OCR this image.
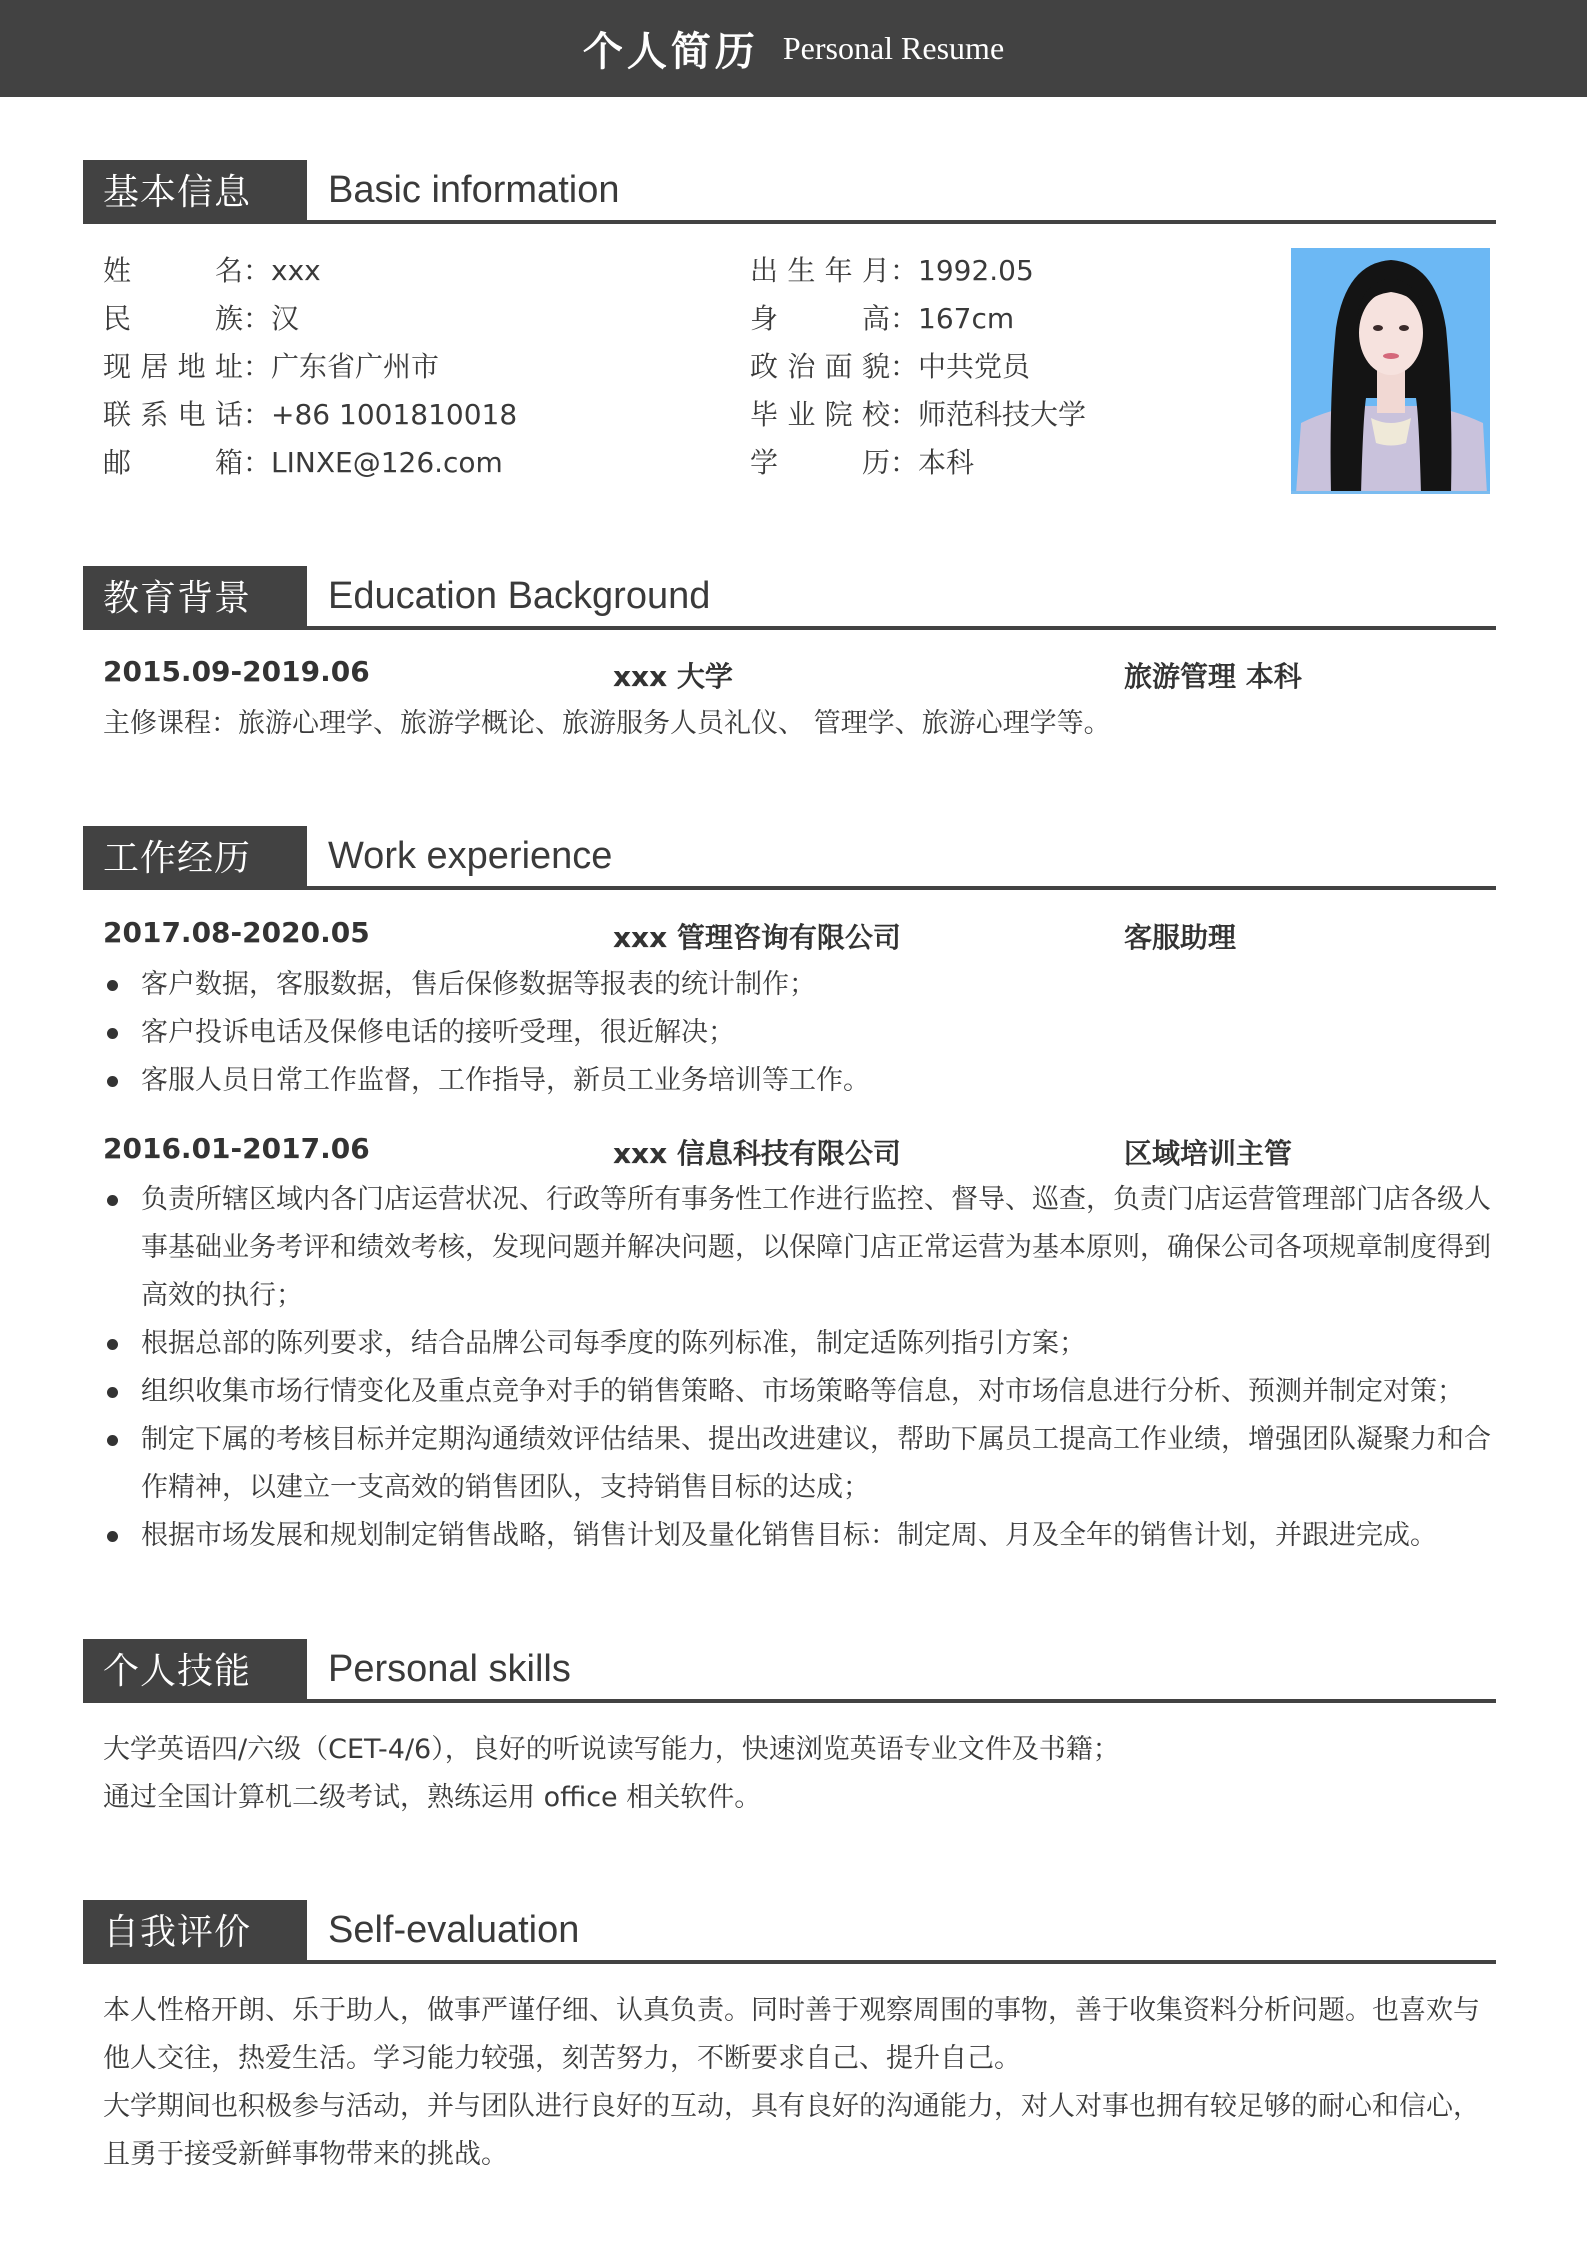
个人简历 Personal Resume
基本信息	Basic information
姓名 ： xxx
民族 ： 汉
现居地址 ： 广东省广州市
联系电话 ： +86 1001810018
邮箱 ： LINXE@126.com
出生年月 ： 1992.05
身高 ： 167cm
政治面貌 ： 中共党员
毕业院校 ： 师范科技大学
学历 ： 本科
教育背景	Education Background
2015.09-2019.06	xxx 大学	旅游管理 本科
主修课程：旅游心理学、旅游学概论、旅游服务人员礼仪、 管理学、旅游心理学等。
工作经历	Work experience
2017.08-2020.05	xxx 管理咨询有限公司	客服助理
客户数据，客服数据，售后保修数据等报表的统计制作；
客户投诉电话及保修电话的接听受理，很近解决；
客服人员日常工作监督，工作指导，新员工业务培训等工作。
2016.01-2017.06	xxx 信息科技有限公司	区域培训主管
负责所辖区域内各门店运营状况、行政等所有事务性工作进行监控、督导、巡查，负责门店运营管理部门店各级人事基础业务考评和绩效考核，发现问题并解决问题，以保障门店正常运营为基本原则，确保公司各项规章制度得到高效的执行；
根据总部的陈列要求，结合品牌公司每季度的陈列标准，制定适陈列指引方案；
组织收集市场行情变化及重点竞争对手的销售策略、市场策略等信息，对市场信息进行分析、预测并制定对策；
制定下属的考核目标并定期沟通绩效评估结果、提出改进建议，帮助下属员工提高工作业绩，增强团队凝聚力和合作精神，以建立一支高效的销售团队，支持销售目标的达成；
根据市场发展和规划制定销售战略，销售计划及量化销售目标：制定周、月及全年的销售计划，并跟进完成。
个人技能	Personal skills
大学英语四/六级（CET-4/6），良好的听说读写能力，快速浏览英语专业文件及书籍；
通过全国计算机二级考试，熟练运用 office 相关软件。
自我评价	Self-evaluation
本人性格开朗、乐于助人，做事严谨仔细、认真负责。同时善于观察周围的事物，善于收集资料分析问题。也喜欢与他人交往，热爱生活。学习能力较强，刻苦努力，不断要求自己、提升自己。
大学期间也积极参与活动，并与团队进行良好的互动，具有良好的沟通能力，对人对事也拥有较足够的耐心和信心，且勇于接受新鲜事物带来的挑战。
